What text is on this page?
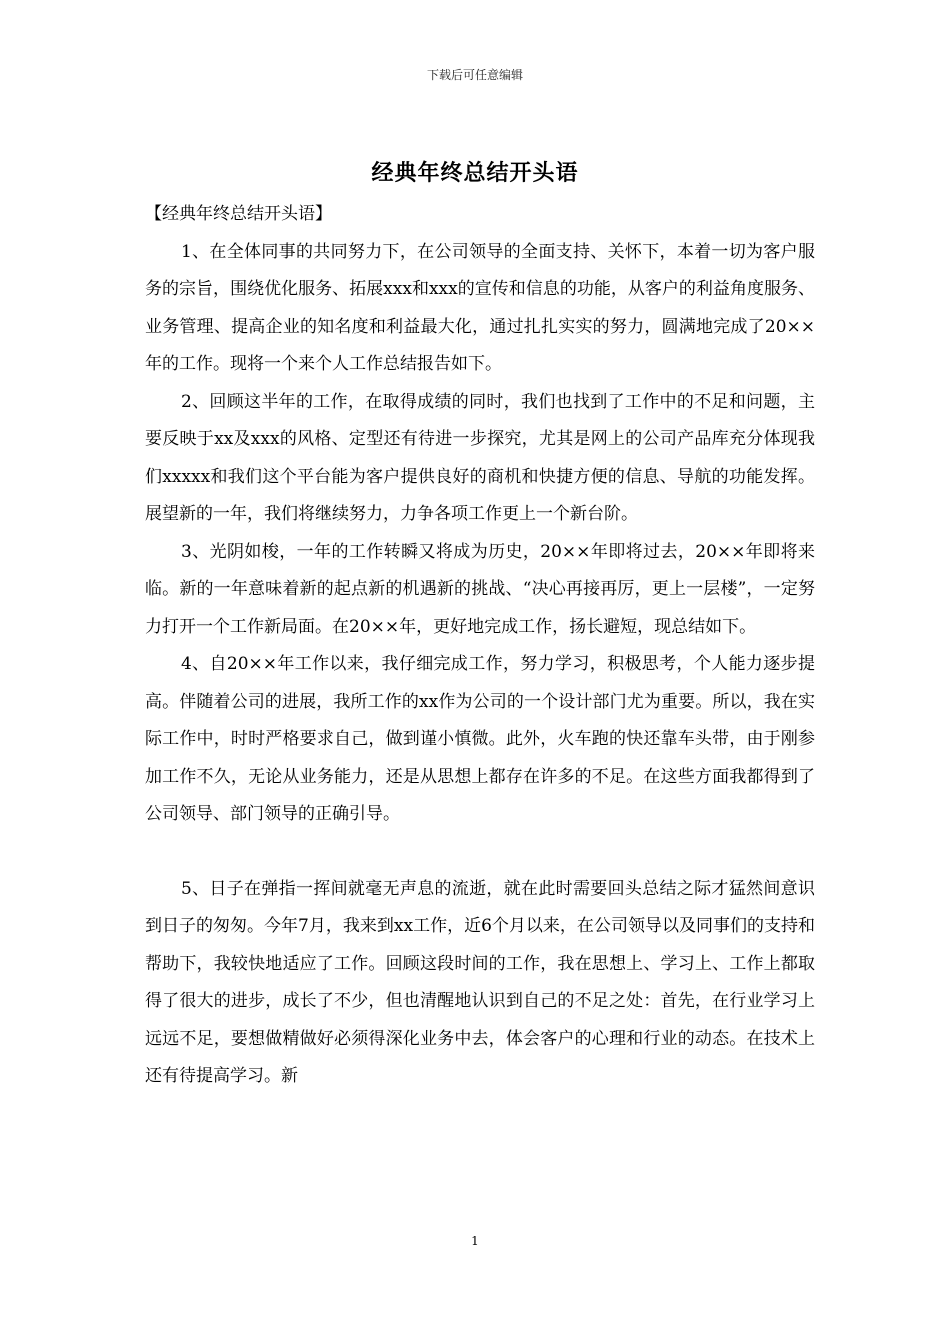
下载后可任意编辑
经典年终总结开头语

【经典年终总结开头语】

1、在全体同事的共同努力下，在公司领导的全面支持、关怀下，本着一切为客户服务的宗旨，围绕优化服务、拓展xxx和xxx的宣传和信息的功能，从客户的利益角度服务、业务管理、提高企业的知名度和利益最大化，通过扎扎实实的努力，圆满地完成了20××年的工作。现将一个来个人工作总结报告如下。

2、回顾这半年的工作，在取得成绩的同时，我们也找到了工作中的不足和问题，主要反映于xx及xxx的风格、定型还有待进一步探究，尤其是网上的公司产品库充分体现我们xxxxx和我们这个平台能为客户提供良好的商机和快捷方便的信息、导航的功能发挥。展望新的一年，我们将继续努力，力争各项工作更上一个新台阶。

3、光阴如梭，一年的工作转瞬又将成为历史，20××年即将过去，20××年即将来临。新的一年意味着新的起点新的机遇新的挑战、“决心再接再厉，更上一层楼”，一定努力打开一个工作新局面。在20××年，更好地完成工作，扬长避短，现总结如下。

4、自20××年工作以来，我仔细完成工作，努力学习，积极思考，个人能力逐步提高。伴随着公司的进展，我所工作的xx作为公司的一个设计部门尤为重要。所以，我在实际工作中，时时严格要求自己，做到谨小慎微。此外，火车跑的快还靠车头带，由于刚参加工作不久，无论从业务能力，还是从思想上都存在许多的不足。在这些方面我都得到了公司领导、部门领导的正确引导。

5、日子在弹指一挥间就毫无声息的流逝，就在此时需要回头总结之际才猛然间意识到日子的匆匆。今年7月，我来到xx工作，近6个月以来，在公司领导以及同事们的支持和帮助下，我较快地适应了工作。回顾这段时间的工作，我在思想上、学习上、工作上都取得了很大的进步，成长了不少，但也清醒地认识到自己的不足之处：首先，在行业学习上远远不足，要想做精做好必须得深化业务中去，体会客户的心理和行业的动态。在技术上还有待提高学习。新

1
